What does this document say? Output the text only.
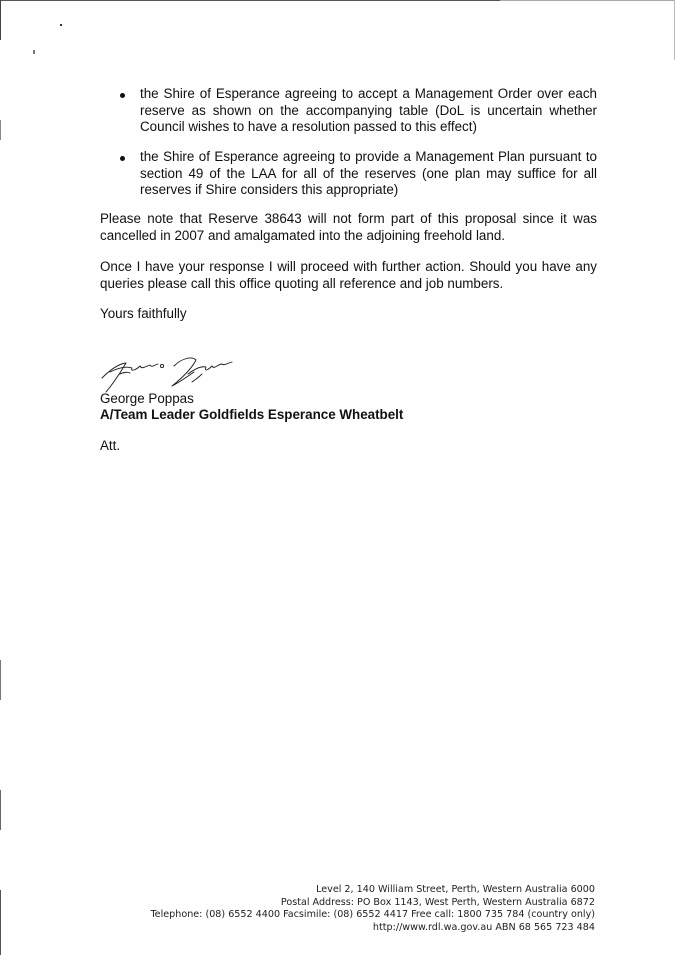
the Shire of Esperance agreeing to accept a Management Order over each reserve as shown on the accompanying table (DoL is uncertain whether Council wishes to have a resolution passed to this effect)
the Shire of Esperance agreeing to provide a Management Plan pursuant to section 49 of the LAA for all of the reserves (one plan may suffice for all reserves if Shire considers this appropriate)
Please note that Reserve 38643 will not form part of this proposal since it was cancelled in 2007 and amalgamated into the adjoining freehold land.
Once I have your response I will proceed with further action. Should you have any queries please call this office quoting all reference and job numbers.
Yours faithfully
George Poppas
A/Team Leader Goldfields Esperance Wheatbelt
Att.
Level 2, 140 William Street, Perth, Western Australia 6000
Postal Address: PO Box 1143, West Perth, Western Australia 6872
Telephone: (08) 6552 4400 Facsimile: (08) 6552 4417 Free call: 1800 735 784 (country only)
http://www.rdl.wa.gov.au ABN 68 565 723 484
